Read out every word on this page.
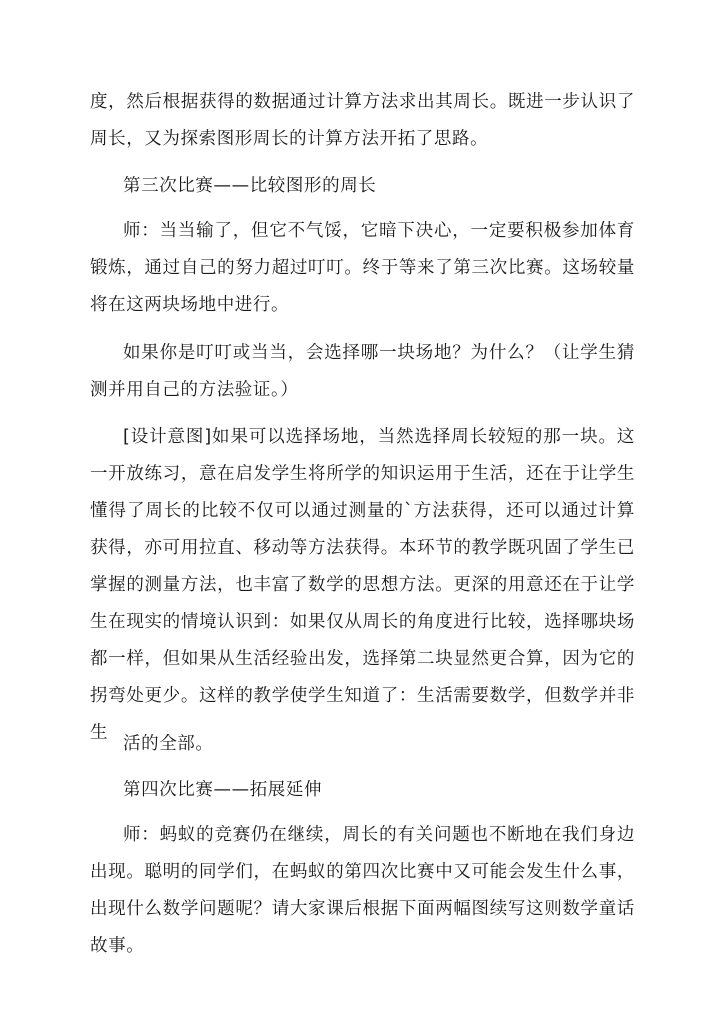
度，然后根据获得的数据通过计算方法求出其周长。既进一步认识了周长，又为探索图形周长的计算方法开拓了思路。

第三次比赛——比较图形的周长

师：当当输了，但它不气馁，它暗下决心，一定要积极参加体育锻炼，通过自己的努力超过叮叮。终于等来了第三次比赛。这场较量将在这两块场地中进行。

如果你是叮叮或当当，会选择哪一块场地？为什么？（让学生猜测并用自己的方法验证。）

[设计意图]如果可以选择场地，当然选择周长较短的那一块。这一开放练习，意在启发学生将所学的知识运用于生活，还在于让学生懂得了周长的比较不仅可以通过测量的`方法获得，还可以通过计算获得，亦可用拉直、移动等方法获得。本环节的教学既巩固了学生已掌握的测量方法，也丰富了数学的思想方法。更深的用意还在于让学生在现实的情境认识到：如果仅从周长的角度进行比较，选择哪块场都一样，但如果从生活经验出发，选择第二块显然更合算，因为它的拐弯处更少。这样的教学使学生知道了：生活需要数学，但数学并非生

活的全部。

第四次比赛——拓展延伸

师：蚂蚁的竞赛仍在继续，周长的有关问题也不断地在我们身边出现。聪明的同学们，在蚂蚁的第四次比赛中又可能会发生什么事，出现什么数学问题呢？请大家课后根据下面两幅图续写这则数学童话故事。
